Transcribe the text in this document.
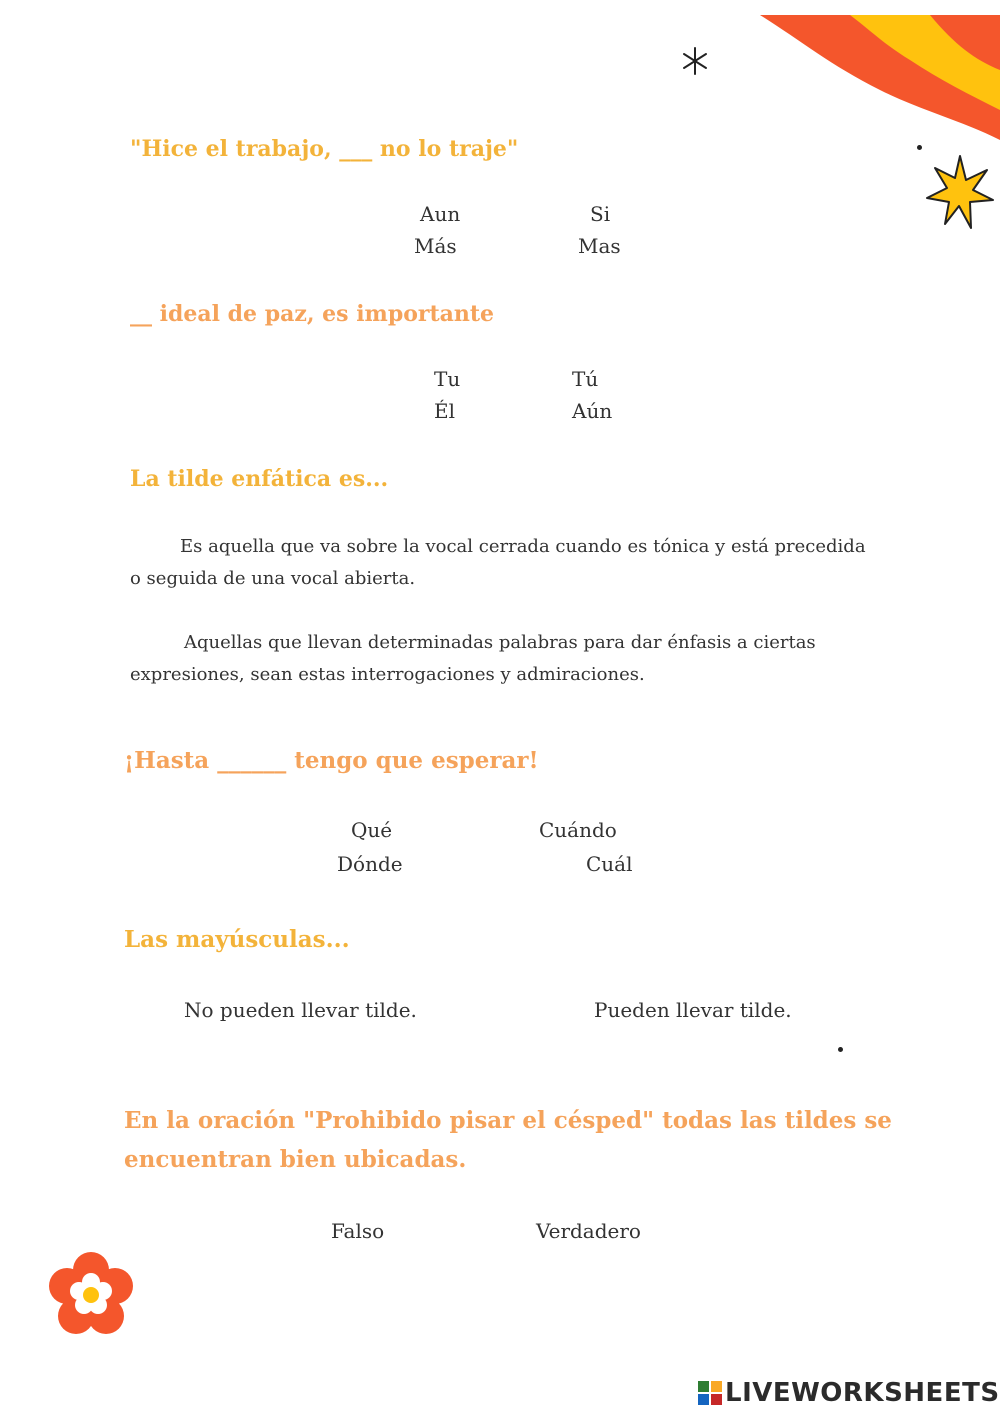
"Hice el trabajo, ___ no lo traje"
Aun	Si
Más	Mas
__ ideal de paz, es importante
Tu	Tú
Él	Aún
La tilde enfática es...
Es aquella que va sobre la vocal cerrada cuando es tónica y está precedida o seguida de una vocal abierta.
Aquellas que llevan determinadas palabras para dar énfasis a ciertas expresiones, sean estas interrogaciones y admiraciones.
¡Hasta ______ tengo que esperar!
Qué	Cuándo
Dónde	Cuál
Las mayúsculas...
No pueden llevar tilde.	Pueden llevar tilde.
En la oración "Prohibido pisar el césped" todas las tildes se
encuentran bien ubicadas.
Falso	Verdadero
LIVEWORKSHEETS
